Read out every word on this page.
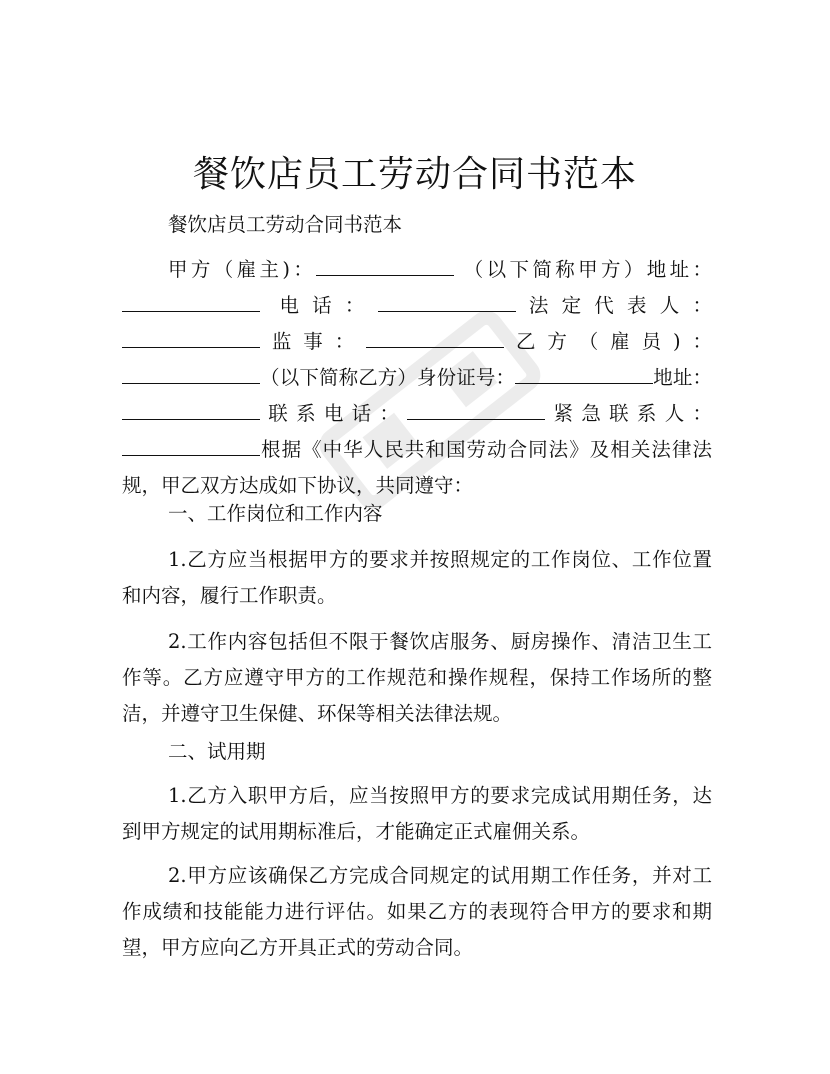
餐饮店员工劳动合同书范本

餐饮店员工劳动合同书范本

甲方（雇主)：	（以下简称甲方）地址： 电话：	法定代表人：监事：	乙方（雇员)：（以下简称乙方）身份证号：	地址：联系电话：	紧急联系人：根据《中华人民共和国劳动合同法》及相关法律法规，甲乙双方达成如下协议，共同遵守：

一、工作岗位和工作内容

1.乙方应当根据甲方的要求并按照规定的工作岗位、工作位置和内容，履行工作职责。

2.工作内容包括但不限于餐饮店服务、厨房操作、清洁卫生工作等。乙方应遵守甲方的工作规范和操作规程，保持工作场所的整洁，并遵守卫生保健、环保等相关法律法规。

二、试用期

1.乙方入职甲方后，应当按照甲方的要求完成试用期任务，达到甲方规定的试用期标准后，才能确定正式雇佣关系。

2.甲方应该确保乙方完成合同规定的试用期工作任务，并对工作成绩和技能能力进行评估。如果乙方的表现符合甲方的要求和期望，甲方应向乙方开具正式的劳动合同。
